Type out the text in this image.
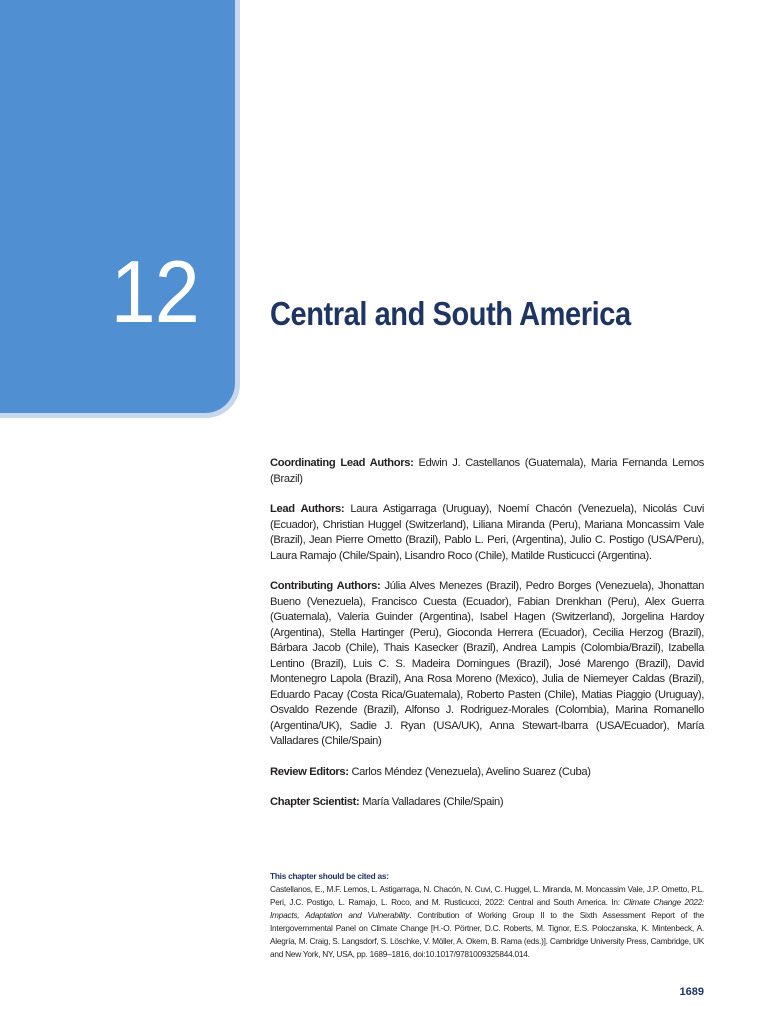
12 Central and South America

Coordinating Lead Authors: Edwin J. Castellanos (Guatemala), Maria Fernanda Lemos (Brazil)

Lead Authors: Laura Astigarraga (Uruguay), Noemí Chacón (Venezuela), Nicolás Cuvi (Ecuador), Christian Huggel (Switzerland), Liliana Miranda (Peru), Mariana Moncassim Vale (Brazil), Jean Pierre Ometto (Brazil), Pablo L. Peri, (Argentina), Julio C. Postigo (USA/Peru), Laura Ramajo (Chile/Spain), Lisandro Roco (Chile), Matilde Rusticucci (Argentina).

Contributing Authors: Júlia Alves Menezes (Brazil), Pedro Borges (Venezuela), Jhonattan Bueno (Venezuela), Francisco Cuesta (Ecuador), Fabian Drenkhan (Peru), Alex Guerra (Guatemala), Valeria Guinder (Argentina), Isabel Hagen (Switzerland), Jorgelina Hardoy (Argentina), Stella Hartinger (Peru), Gioconda Herrera (Ecuador), Cecilia Herzog (Brazil), Bárbara Jacob (Chile), Thais Kasecker (Brazil), Andrea Lampis (Colombia/Brazil), Izabella Lentino (Brazil), Luis C. S. Madeira Domingues (Brazil), José Marengo (Brazil), David Montenegro Lapola (Brazil), Ana Rosa Moreno (Mexico), Julia de Niemeyer Caldas (Brazil), Eduardo Pacay (Costa Rica/Guatemala), Roberto Pasten (Chile), Matias Piaggio (Uruguay), Osvaldo Rezende (Brazil), Alfonso J. Rodriguez-Morales (Colombia), Marina Romanello (Argentina/UK), Sadie J. Ryan (USA/UK), Anna Stewart-Ibarra (USA/Ecuador), María Valladares (Chile/Spain)

Review Editors: Carlos Méndez (Venezuela), Avelino Suarez (Cuba)

Chapter Scientist: María Valladares (Chile/Spain)

This chapter should be cited as:

Castellanos, E., M.F. Lemos, L. Astigarraga, N. Chacón, N. Cuvi, C. Huggel, L. Miranda, M. Moncassim Vale, J.P. Ometto, P.L. Peri, J.C. Postigo, L. Ramajo, L. Roco, and M. Rusticucci, 2022: Central and South America. In: Climate Change 2022: Impacts, Adaptation and Vulnerability. Contribution of Working Group II to the Sixth Assessment Report of the Intergovernmental Panel on Climate Change [H.-O. Pörtner, D.C. Roberts, M. Tignor, E.S. Poloczanska, K. Mintenbeck, A. Alegría, M. Craig, S. Langsdorf, S. Löschke, V. Möller, A. Okem, B. Rama (eds.)]. Cambridge University Press, Cambridge, UK and New York, NY, USA, pp. 1689–1816, doi:10.1017/9781009325844.014.

1689
